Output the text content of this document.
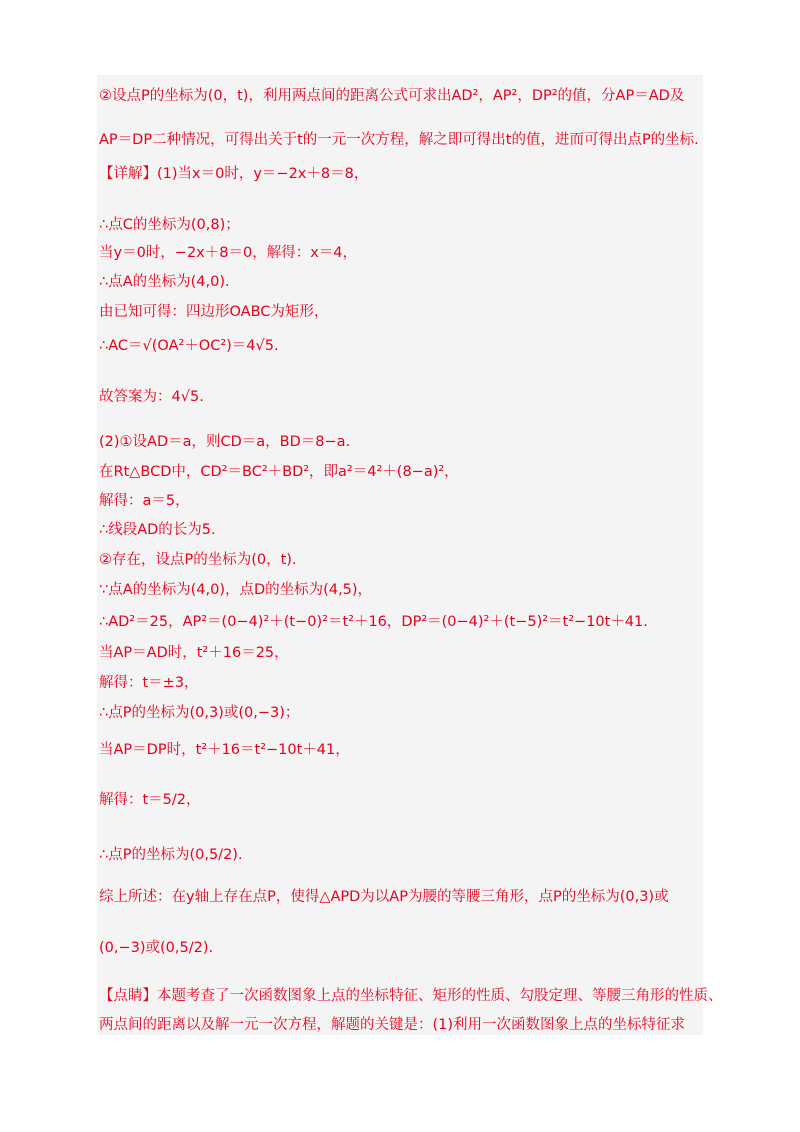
②设点P的坐标为(0，t)，利用两点间的距离公式可求出AD²，AP²，DP²的值，分AP＝AD及
AP＝DP二种情况，可得出关于t的一元一次方程，解之即可得出t的值，进而可得出点P的坐标.
【详解】(1)当x＝0时，y＝−2x＋8＝8，
∴点C的坐标为(0,8)；
当y＝0时，−2x＋8＝0，解得：x＝4，
∴点A的坐标为(4,0).
由已知可得：四边形OABC为矩形，
∴AC＝√(OA²＋OC²)＝4√5.
故答案为：4√5.
(2)①设AD＝a，则CD＝a，BD＝8−a.
在Rt△BCD中，CD²＝BC²＋BD²，即a²＝4²＋(8−a)²，
解得：a＝5，
∴线段AD的长为5.
②存在，设点P的坐标为(0，t).
∵点A的坐标为(4,0)，点D的坐标为(4,5)，
∴AD²＝25，AP²＝(0−4)²＋(t−0)²＝t²＋16，DP²＝(0−4)²＋(t−5)²＝t²−10t＋41.
当AP＝AD时，t²＋16＝25，
解得：t＝±3，
∴点P的坐标为(0,3)或(0,−3)；
当AP＝DP时，t²＋16＝t²−10t＋41，
解得：t＝5/2，
∴点P的坐标为(0,5/2).
综上所述：在y轴上存在点P，使得△APD为以AP为腰的等腰三角形，点P的坐标为(0,3)或
(0,−3)或(0,5/2).
【点睛】本题考查了一次函数图象上点的坐标特征、矩形的性质、勾股定理、等腰三角形的性质、
两点间的距离以及解一元一次方程，解题的关键是：(1)利用一次函数图象上点的坐标特征求
